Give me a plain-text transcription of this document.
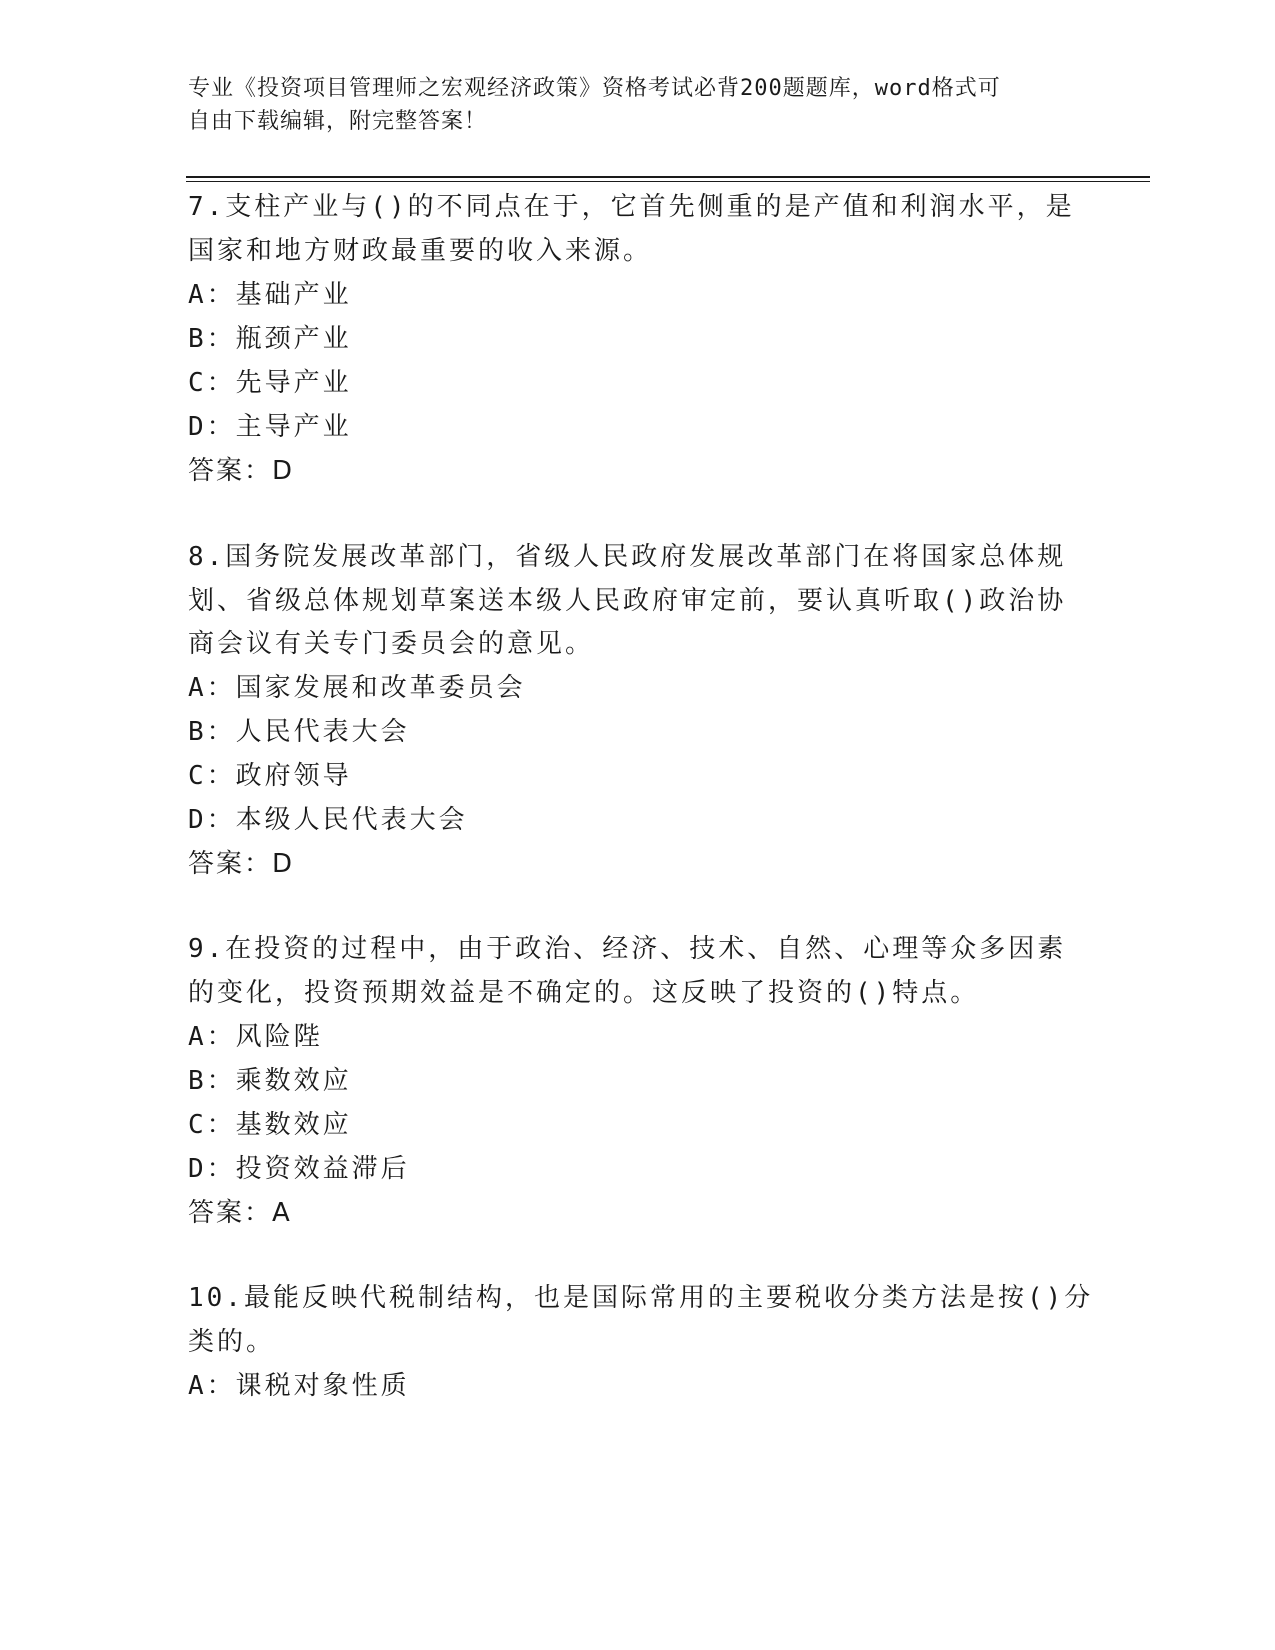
专业《投资项目管理师之宏观经济政策》资格考试必背200题题库，word格式可
自由下载编辑，附完整答案！
7.支柱产业与()的不同点在于，它首先侧重的是产值和利润水平，是
国家和地方财政最重要的收入来源。
A：基础产业
B：瓶颈产业
C：先导产业
D：主导产业
答案：D
8.国务院发展改革部门，省级人民政府发展改革部门在将国家总体规
划、省级总体规划草案送本级人民政府审定前，要认真听取()政治协
商会议有关专门委员会的意见。
A：国家发展和改革委员会
B：人民代表大会
C：政府领导
D：本级人民代表大会
答案：D
9.在投资的过程中，由于政治、经济、技术、自然、心理等众多因素
的变化，投资预期效益是不确定的。这反映了投资的()特点。
A：风险陛
B：乘数效应
C：基数效应
D：投资效益滞后
答案：A
10.最能反映代税制结构，也是国际常用的主要税收分类方法是按()分
类的。
A：课税对象性质
